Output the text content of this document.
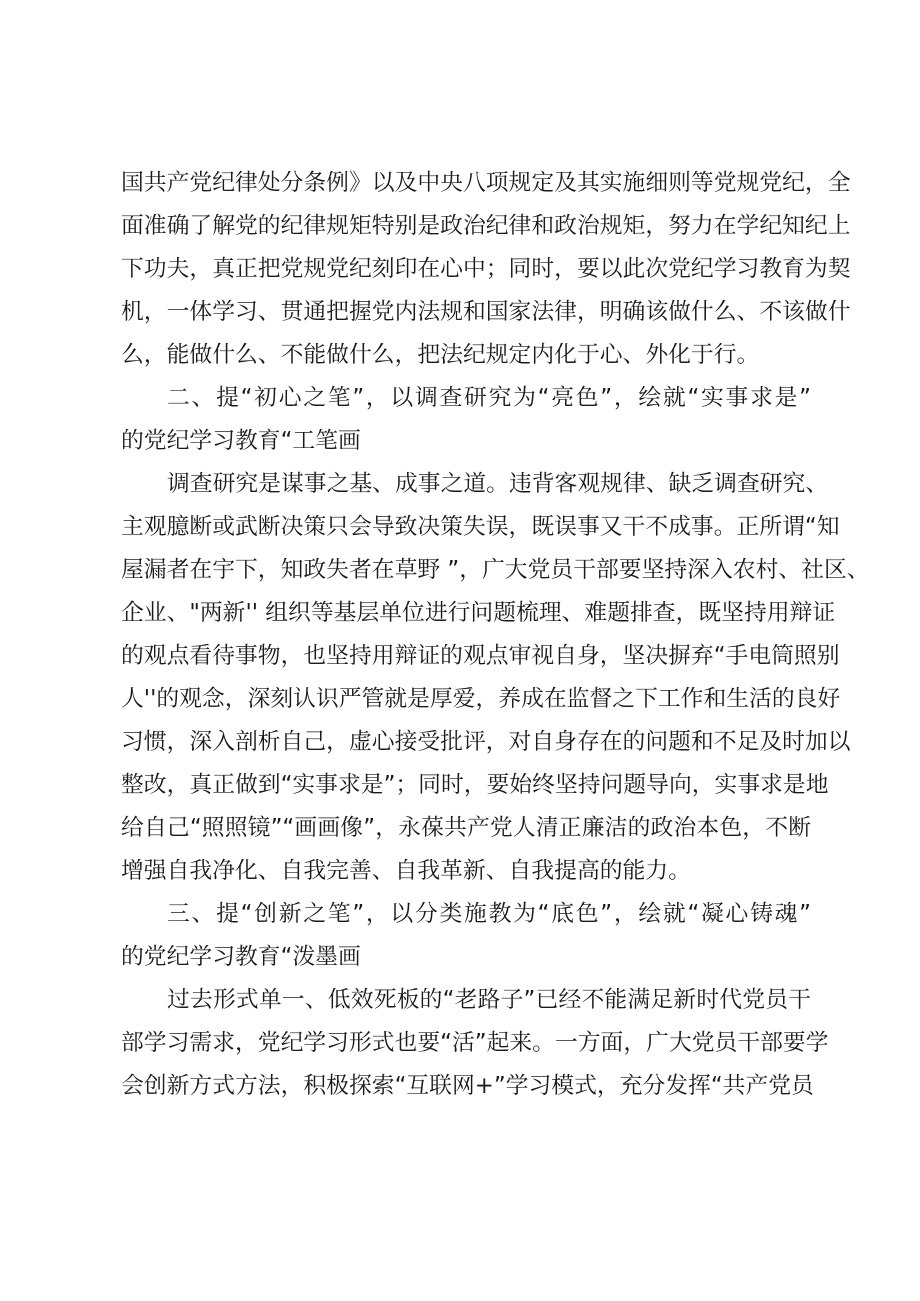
国共产党纪律处分条例》以及中央八项规定及其实施细则等党规党纪，全
面准确了解党的纪律规矩特别是政治纪律和政治规矩，努力在学纪知纪上
下功夫，真正把党规党纪刻印在心中；同时，要以此次党纪学习教育为契
机，一体学习、贯通把握党内法规和国家法律，明确该做什么、不该做什
么，能做什么、不能做什么，把法纪规定内化于心、外化于行。
二、提“初心之笔”，以调查研究为“亮色”，绘就“实事求是”
的党纪学习教育“工笔画
调查研究是谋事之基、成事之道。违背客观规律、缺乏调查研究、
主观臆断或武断决策只会导致决策失误，既误事又干不成事。正所谓“知
屋漏者在宇下，知政失者在草野 ”，广大党员干部要坚持深入农村、社区、
企业、"两新'' 组织等基层单位进行问题梳理、难题排查，既坚持用辩证
的观点看待事物，也坚持用辩证的观点审视自身，坚决摒弃“手电筒照别
人''的观念，深刻认识严管就是厚爱，养成在监督之下工作和生活的良好
习惯，深入剖析自己，虚心接受批评，对自身存在的问题和不足及时加以
整改，真正做到“实事求是”；同时，要始终坚持问题导向，实事求是地
给自己“照照镜”“画画像”，永葆共产党人清正廉洁的政治本色，不断
增强自我净化、自我完善、自我革新、自我提高的能力。
三、提“创新之笔”，以分类施教为“底色”，绘就“凝心铸魂”
的党纪学习教育“泼墨画
过去形式单一、低效死板的“老路子”已经不能满足新时代党员干
部学习需求，党纪学习形式也要“活”起来。一方面，广大党员干部要学
会创新方式方法，积极探索“互联网+”学习模式，充分发挥“共产党员
